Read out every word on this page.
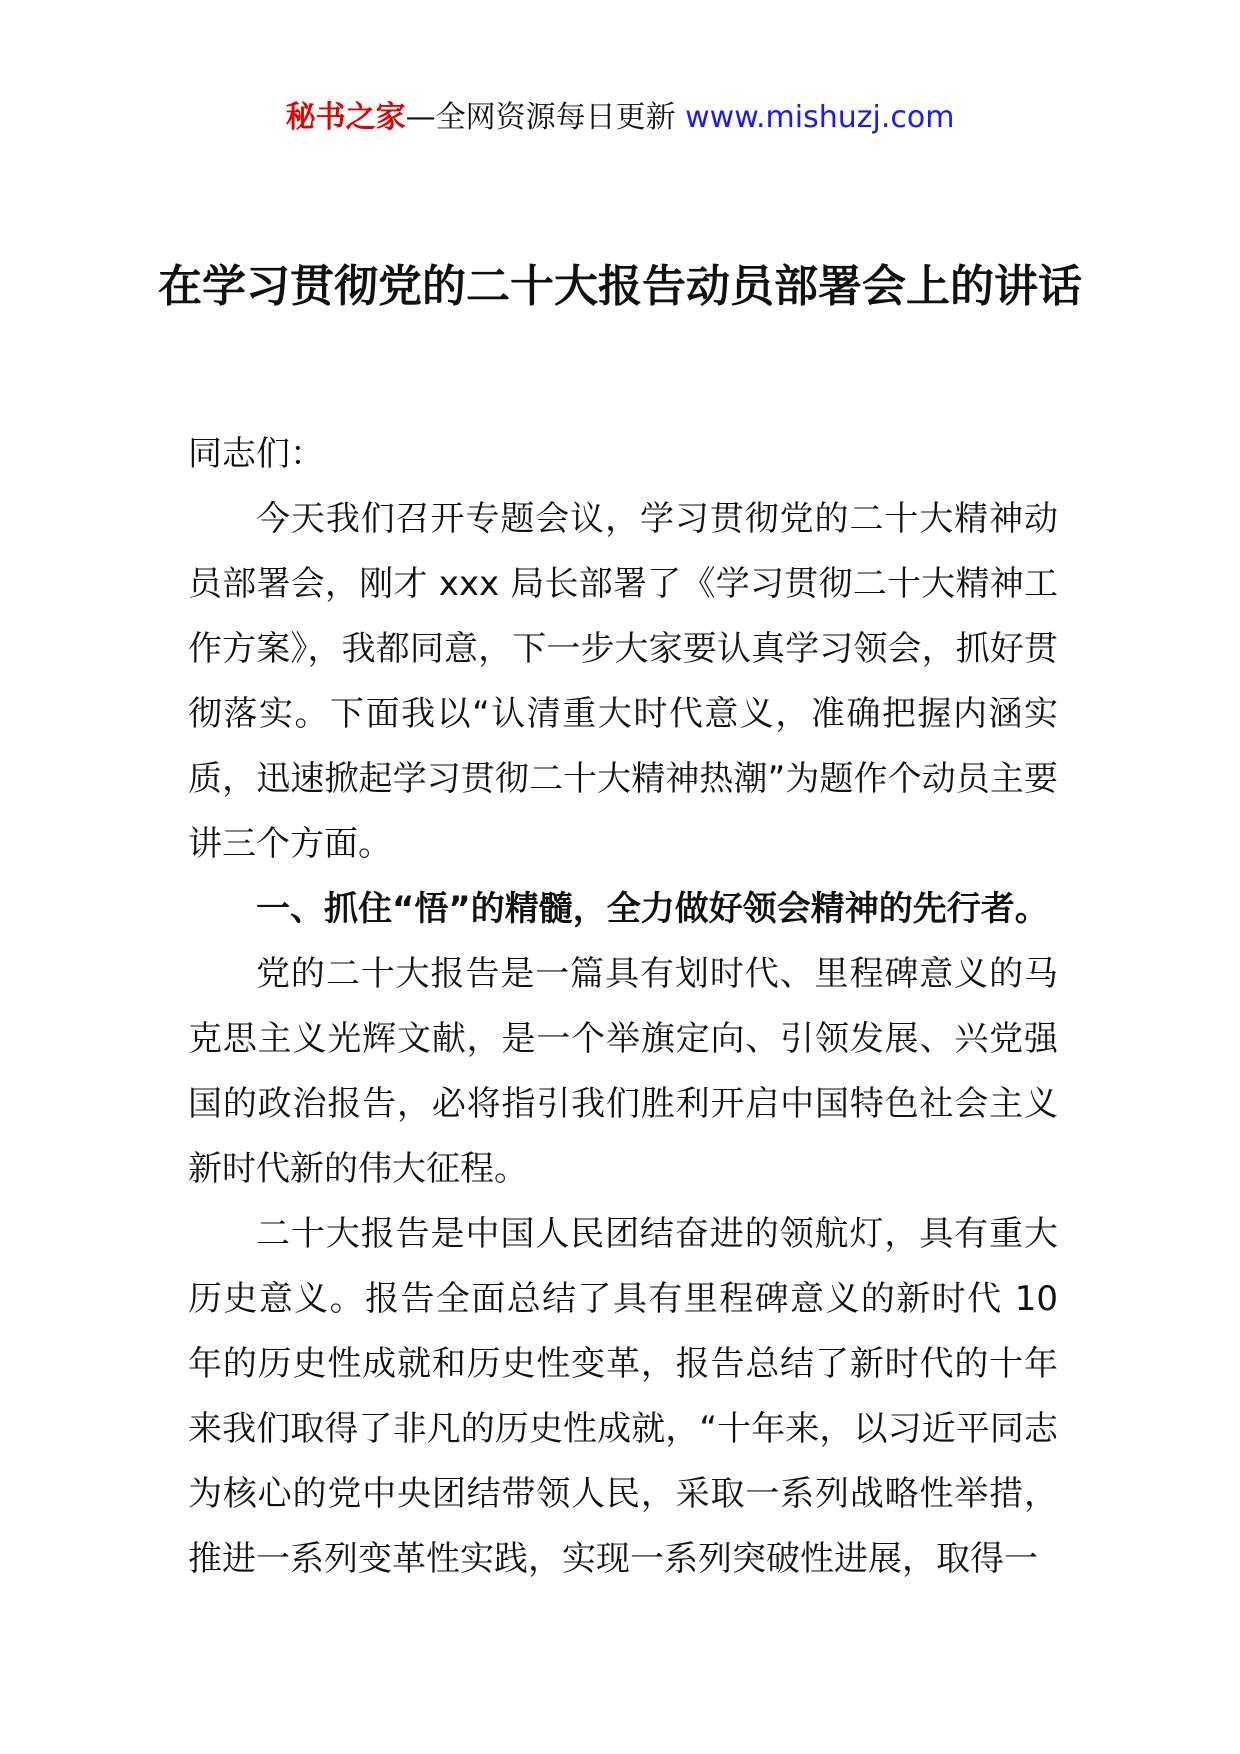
秘书之家—全网资源每日更新 www.mishuzj.com
在学习贯彻党的二十大报告动员部署会上的讲话

同志们：

今天我们召开专题会议，学习贯彻党的二十大精神动员部署会，刚才 xxx 局长部署了《学习贯彻二十大精神工作方案》，我都同意，下一步大家要认真学习领会，抓好贯彻落实。下面我以“认清重大时代意义，准确把握内涵实质，迅速掀起学习贯彻二十大精神热潮”为题作个动员主要讲三个方面。

一、抓住“悟”的精髓，全力做好领会精神的先行者。

党的二十大报告是一篇具有划时代、里程碑意义的马克思主义光辉文献，是一个举旗定向、引领发展、兴党强国的政治报告，必将指引我们胜利开启中国特色社会主义新时代新的伟大征程。

二十大报告是中国人民团结奋进的领航灯，具有重大历史意义。报告全面总结了具有里程碑意义的新时代 10 年的历史性成就和历史性变革，报告总结了新时代的十年来我们取得了非凡的历史性成就，“十年来，以习近平同志为核心的党中央团结带领人民，采取一系列战略性举措，推进一系列变革性实践，实现一系列突破性进展，取得一
